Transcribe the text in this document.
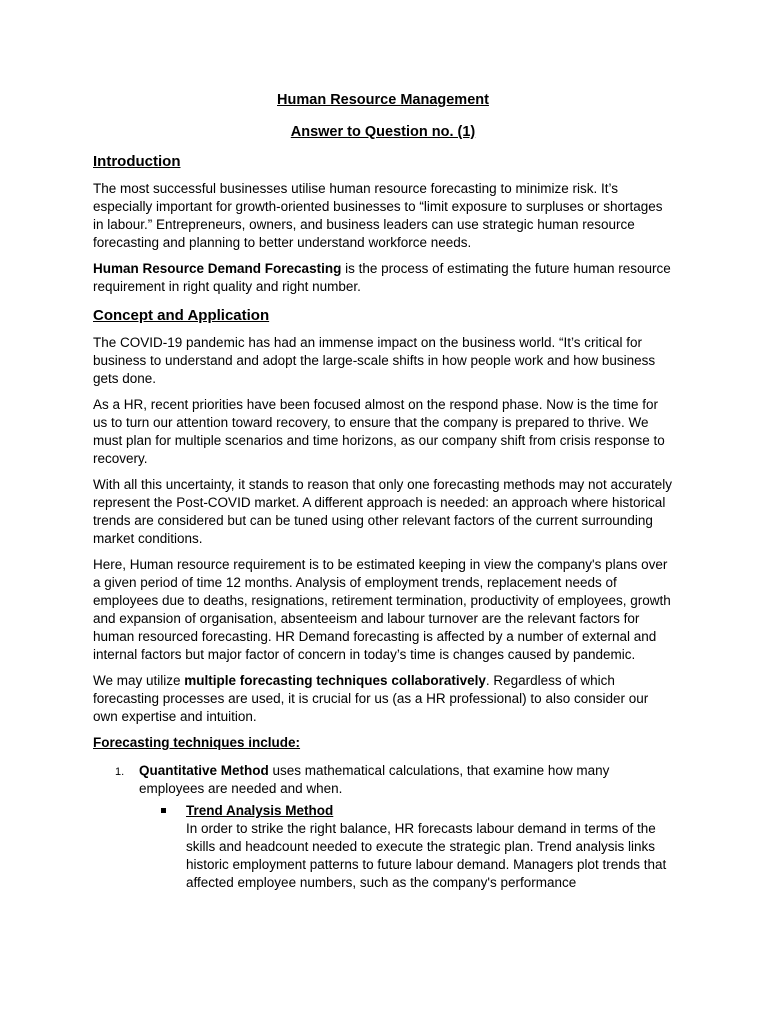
Human Resource Management
Answer to Question no. (1)
Introduction

The most successful businesses utilise human resource forecasting to minimize risk. It’s especially important for growth-oriented businesses to “limit exposure to surpluses or shortages in labour.” Entrepreneurs, owners, and business leaders can use strategic human resource forecasting and planning to better understand workforce needs.

Human Resource Demand Forecasting is the process of estimating the future human resource requirement in right quality and right number.

Concept and Application

The COVID-19 pandemic has had an immense impact on the business world. “It’s critical for business to understand and adopt the large-scale shifts in how people work and how business gets done.

As a HR, recent priorities have been focused almost on the respond phase. Now is the time for us to turn our attention toward recovery, to ensure that the company is prepared to thrive. We must plan for multiple scenarios and time horizons, as our company shift from crisis response to recovery.

With all this uncertainty, it stands to reason that only one forecasting methods may not accurately represent the Post-COVID market. A different approach is needed: an approach where historical trends are considered but can be tuned using other relevant factors of the current surrounding market conditions.

Here, Human resource requirement is to be estimated keeping in view the company's plans over a given period of time 12 months. Analysis of employment trends, replacement needs of employees due to deaths, resignations, retirement termination, productivity of employees, growth and expansion of organisation, absenteeism and labour turnover are the relevant factors for human resourced forecasting. HR Demand forecasting is affected by a number of external and internal factors but major factor of concern in today’s time is changes caused by pandemic.

We may utilize multiple forecasting techniques collaboratively. Regardless of which forecasting processes are used, it is crucial for us (as a HR professional) to also consider our own expertise and intuition.

Forecasting techniques include:
1. Quantitative Method uses mathematical calculations, that examine how many employees are needed and when.
Trend Analysis Method
In order to strike the right balance, HR forecasts labour demand in terms of the skills and headcount needed to execute the strategic plan. Trend analysis links historic employment patterns to future labour demand. Managers plot trends that affected employee numbers, such as the company's performance
